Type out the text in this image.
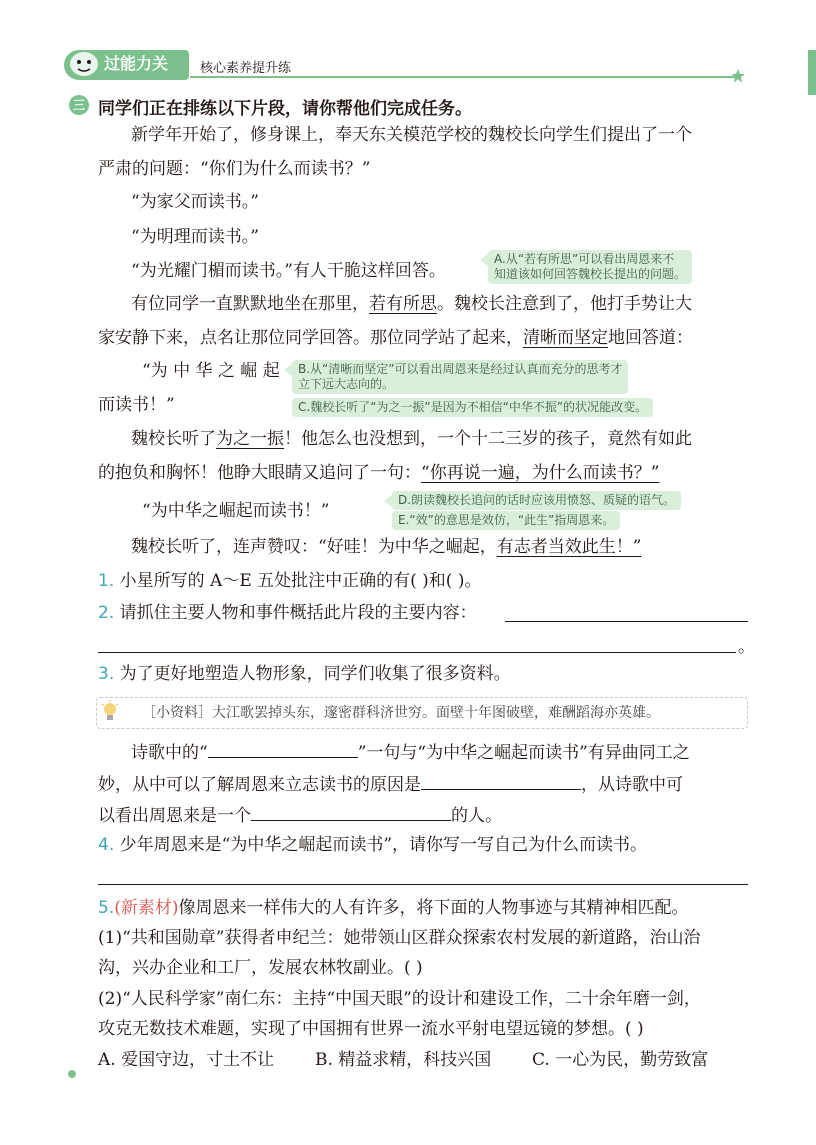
过能力关 核心素养提升练
三 同学们正在排练以下片段，请你帮他们完成任务。
新学年开始了，修身课上，奉天东关模范学校的魏校长向学生们提出了一个
严肃的问题：“你们为什么而读书？”
“为家父而读书。”
“为明理而读书。”
“为光耀门楣而读书。”有人干脆这样回答。
A.从“若有所思”可以看出周恩来不
知道该如何回答魏校长提出的问题。
有位同学一直默默地坐在那里，若有所思。魏校长注意到了，他打手势让大
家安静下来，点名让那位同学回答。那位同学站了起来，清晰而坚定地回答道：
“为 中 华 之 崛 起
而读书！”
B.从“清晰而坚定”可以看出周恩来是经过认真而充分的思考才
立下远大志向的。
C.魏校长听了“为之一振”是因为不相信“中华不振”的状况能改变。
魏校长听了为之一振！他怎么也没想到，一个十二三岁的孩子，竟然有如此
的抱负和胸怀！他睁大眼睛又追问了一句：“你再说一遍，为什么而读书？”
“为中华之崛起而读书！”
D.朗读魏校长追问的话时应该用愤怒、质疑的语气。
E.“效”的意思是效仿，“此生”指周恩来。
魏校长听了，连声赞叹：“好哇！为中华之崛起，有志者当效此生！”
1. 小星所写的 A～E 五处批注中正确的有( )和( )。
2. 请抓住主要人物和事件概括此片段的主要内容：
。
3. 为了更好地塑造人物形象，同学们收集了很多资料。
［小资料］大江歌罢掉头东，邃密群科济世穷。面壁十年图破壁，难酬蹈海亦英雄。
诗歌中的“	”一句与“为中华之崛起而读书”有异曲同工之
妙，从中可以了解周恩来立志读书的原因是	，从诗歌中可
以看出周恩来是一个	的人。
4. 少年周恩来是“为中华之崛起而读书”，请你写一写自己为什么而读书。
5.(新素材)像周恩来一样伟大的人有许多，将下面的人物事迹与其精神相匹配。
(1)“共和国勋章”获得者申纪兰：她带领山区群众探索农村发展的新道路，治山治
沟，兴办企业和工厂，发展农林牧副业。( )
(2)“人民科学家”南仁东：主持“中国天眼”的设计和建设工作，二十余年磨一剑，
攻克无数技术难题，实现了中国拥有世界一流水平射电望远镜的梦想。( )
A. 爱国守边，寸土不让 B. 精益求精，科技兴国 C. 一心为民，勤劳致富
